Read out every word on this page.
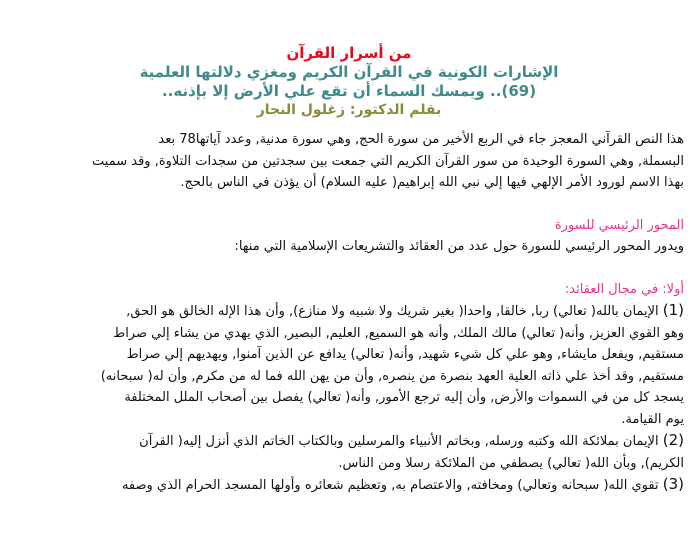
من أسرار القرآن
الإشارات الكونية في القرآن الكريم ومغزي دلالتها العلمية
(69).. ويمسك السماء أن تقع علي الأرض إلا بإذنه..
بقلم الدكتور: زغلول النجار
هذا النص القرآني المعجز جاء في الربع الأخير من سورة الحج, وهي سورة مدنية, وعدد آياتها78 بعد
البسملة, وهي السورة الوحيدة من سور القرآن الكريم التي جمعت بين سجدتين من سجدات التلاوة, وقد سميت
بهذا الاسم لورود الأمر الإلهي فيها إلي نبي الله إبراهيم( عليه السلام) أن يؤذن في الناس بالحج.
المحور الرئيسي للسورة
ويدور المحور الرئيسي للسورة حول عدد من العقائد والتشريعات الإسلامية التي منها:
أولا: في مجال العقائد:
(1) الإيمان بالله( تعالي) ربا, خالقا, واحدا( بغير شريك ولا شبيه ولا منازع), وأن هذا الإله الخالق هو الحق,
وهو القوي العزيز, وأنه( تعالي) مالك الملك, وأنه هو السميع, العليم, البصير, الذي يهدي من يشاء إلي صراط
مستقيم, ويفعل مايشاء, وهو علي كل شيء شهيد, وأنه( تعالي) يدافع عن الذين آمنوا, ويهديهم إلي صراط
مستقيم, وقد أخذ علي ذاته العلية العهد بنصرة من ينصره, وأن من يهن الله فما له من مكرم, وأن له( سبحانه)
يسجد كل من في السموات والأرض, وأن إليه ترجع الأمور, وأنه( تعالي) يفصل بين أصحاب الملل المختلفة
يوم القيامة.
(2) الإيمان بملائكة الله وكتبه ورسله, وبخاتم الأنبياء والمرسلين وبالكتاب الخاتم الذي أنزل إليه( القرآن
الكريم), وبأن الله( تعالي) يصطفي من الملائكة رسلا ومن الناس.
(3) تقوي الله( سبحانه وتعالي) ومخافته, والاعتصام به, وتعظيم شعائره وأولها المسجد الحرام الذي وصفه
